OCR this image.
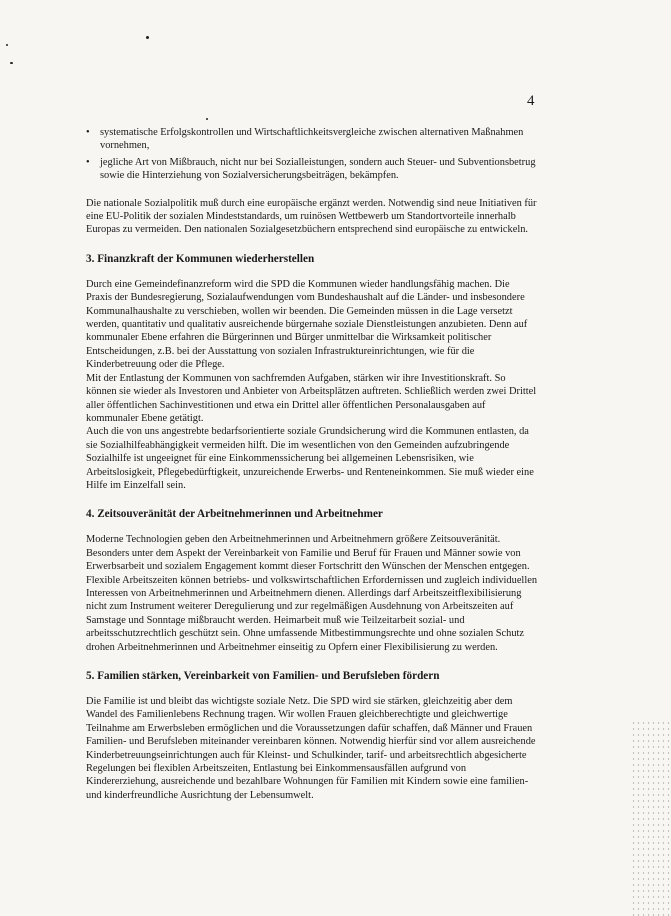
4
• systematische Erfolgskontrollen und Wirtschaftlichkeitsvergleiche zwischen alternativen Maßnahmen vornehmen,
• jegliche Art von Mißbrauch, nicht nur bei Sozialleistungen, sondern auch Steuer- und Subventionsbetrug sowie die Hinterziehung von Sozialversicherungsbeiträgen, bekämpfen.

Die nationale Sozialpolitik muß durch eine europäische ergänzt werden. Notwendig sind neue Initiativen für eine EU-Politik der sozialen Mindeststandards, um ruinösen Wettbewerb um Standortvorteile innerhalb Europas zu vermeiden. Den nationalen Sozialgesetzbüchern entsprechend sind europäische zu entwickeln.

3. Finanzkraft der Kommunen wiederherstellen

Durch eine Gemeindefinanzreform wird die SPD die Kommunen wieder handlungsfähig machen. Die Praxis der Bundesregierung, Sozialaufwendungen vom Bundeshaushalt auf die Länder- und insbesondere Kommunalhaushalte zu verschieben, wollen wir beenden. Die Gemeinden müssen in die Lage versetzt werden, quantitativ und qualitativ ausreichende bürgernahe soziale Dienstleistungen anzubieten. Denn auf kommunaler Ebene erfahren die Bürgerinnen und Bürger unmittelbar die Wirksamkeit politischer Entscheidungen, z.B. bei der Ausstattung von sozialen Infrastruktureinrichtungen, wie für die Kinderbetreuung oder die Pflege.

Mit der Entlastung der Kommunen von sachfremden Aufgaben, stärken wir ihre Investitionskraft. So können sie wieder als Investoren und Anbieter von Arbeitsplätzen auftreten. Schließlich werden zwei Drittel aller öffentlichen Sachinvestitionen und etwa ein Drittel aller öffentlichen Personalausgaben auf kommunaler Ebene getätigt.

Auch die von uns angestrebte bedarfsorientierte soziale Grundsicherung wird die Kommunen entlasten, da sie Sozialhilfeabhängigkeit vermeiden hilft. Die im wesentlichen von den Gemeinden aufzubringende Sozialhilfe ist ungeeignet für eine Einkommenssicherung bei allgemeinen Lebensrisiken, wie Arbeitslosigkeit, Pflegebedürftigkeit, unzureichende Erwerbs- und Renteneinkommen. Sie muß wieder eine Hilfe im Einzelfall sein.

4. Zeitsouveränität der Arbeitnehmerinnen und Arbeitnehmer

Moderne Technologien geben den Arbeitnehmerinnen und Arbeitnehmern größere Zeitsouveränität. Besonders unter dem Aspekt der Vereinbarkeit von Familie und Beruf für Frauen und Männer sowie von Erwerbsarbeit und sozialem Engagement kommt dieser Fortschritt den Wünschen der Menschen entgegen.

Flexible Arbeitszeiten können betriebs- und volkswirtschaftlichen Erfordernissen und zugleich individuellen Interessen von Arbeitnehmerinnen und Arbeitnehmern dienen. Allerdings darf Arbeitszeitflexibilisierung nicht zum Instrument weiterer Deregulierung und zur regelmäßigen Ausdehnung von Arbeitszeiten auf Samstage und Sonntage mißbraucht werden. Heimarbeit muß wie Teilzeitarbeit sozial- und arbeitsschutzrechtlich geschützt sein. Ohne umfassende Mitbestimmungsrechte und ohne sozialen Schutz drohen Arbeitnehmerinnen und Arbeitnehmer einseitig zu Opfern einer Flexibilisierung zu werden.

5. Familien stärken, Vereinbarkeit von Familien- und Berufsleben fördern

Die Familie ist und bleibt das wichtigste soziale Netz. Die SPD wird sie stärken, gleichzeitig aber dem Wandel des Familienlebens Rechnung tragen. Wir wollen Frauen gleichberechtigte und gleichwertige Teilnahme am Erwerbsleben ermöglichen und die Voraussetzungen dafür schaffen, daß Männer und Frauen Familien- und Berufsleben miteinander vereinbaren können. Notwendig hierfür sind vor allem ausreichende Kinderbetreuungseinrichtungen auch für Kleinst- und Schulkinder, tarif- und arbeitsrechtlich abgesicherte Regelungen bei flexiblen Arbeitszeiten, Entlastung bei Einkommensausfällen aufgrund von Kindererziehung, ausreichende und bezahlbare Wohnungen für Familien mit Kindern sowie eine familien- und kinderfreundliche Ausrichtung der Lebensumwelt.
